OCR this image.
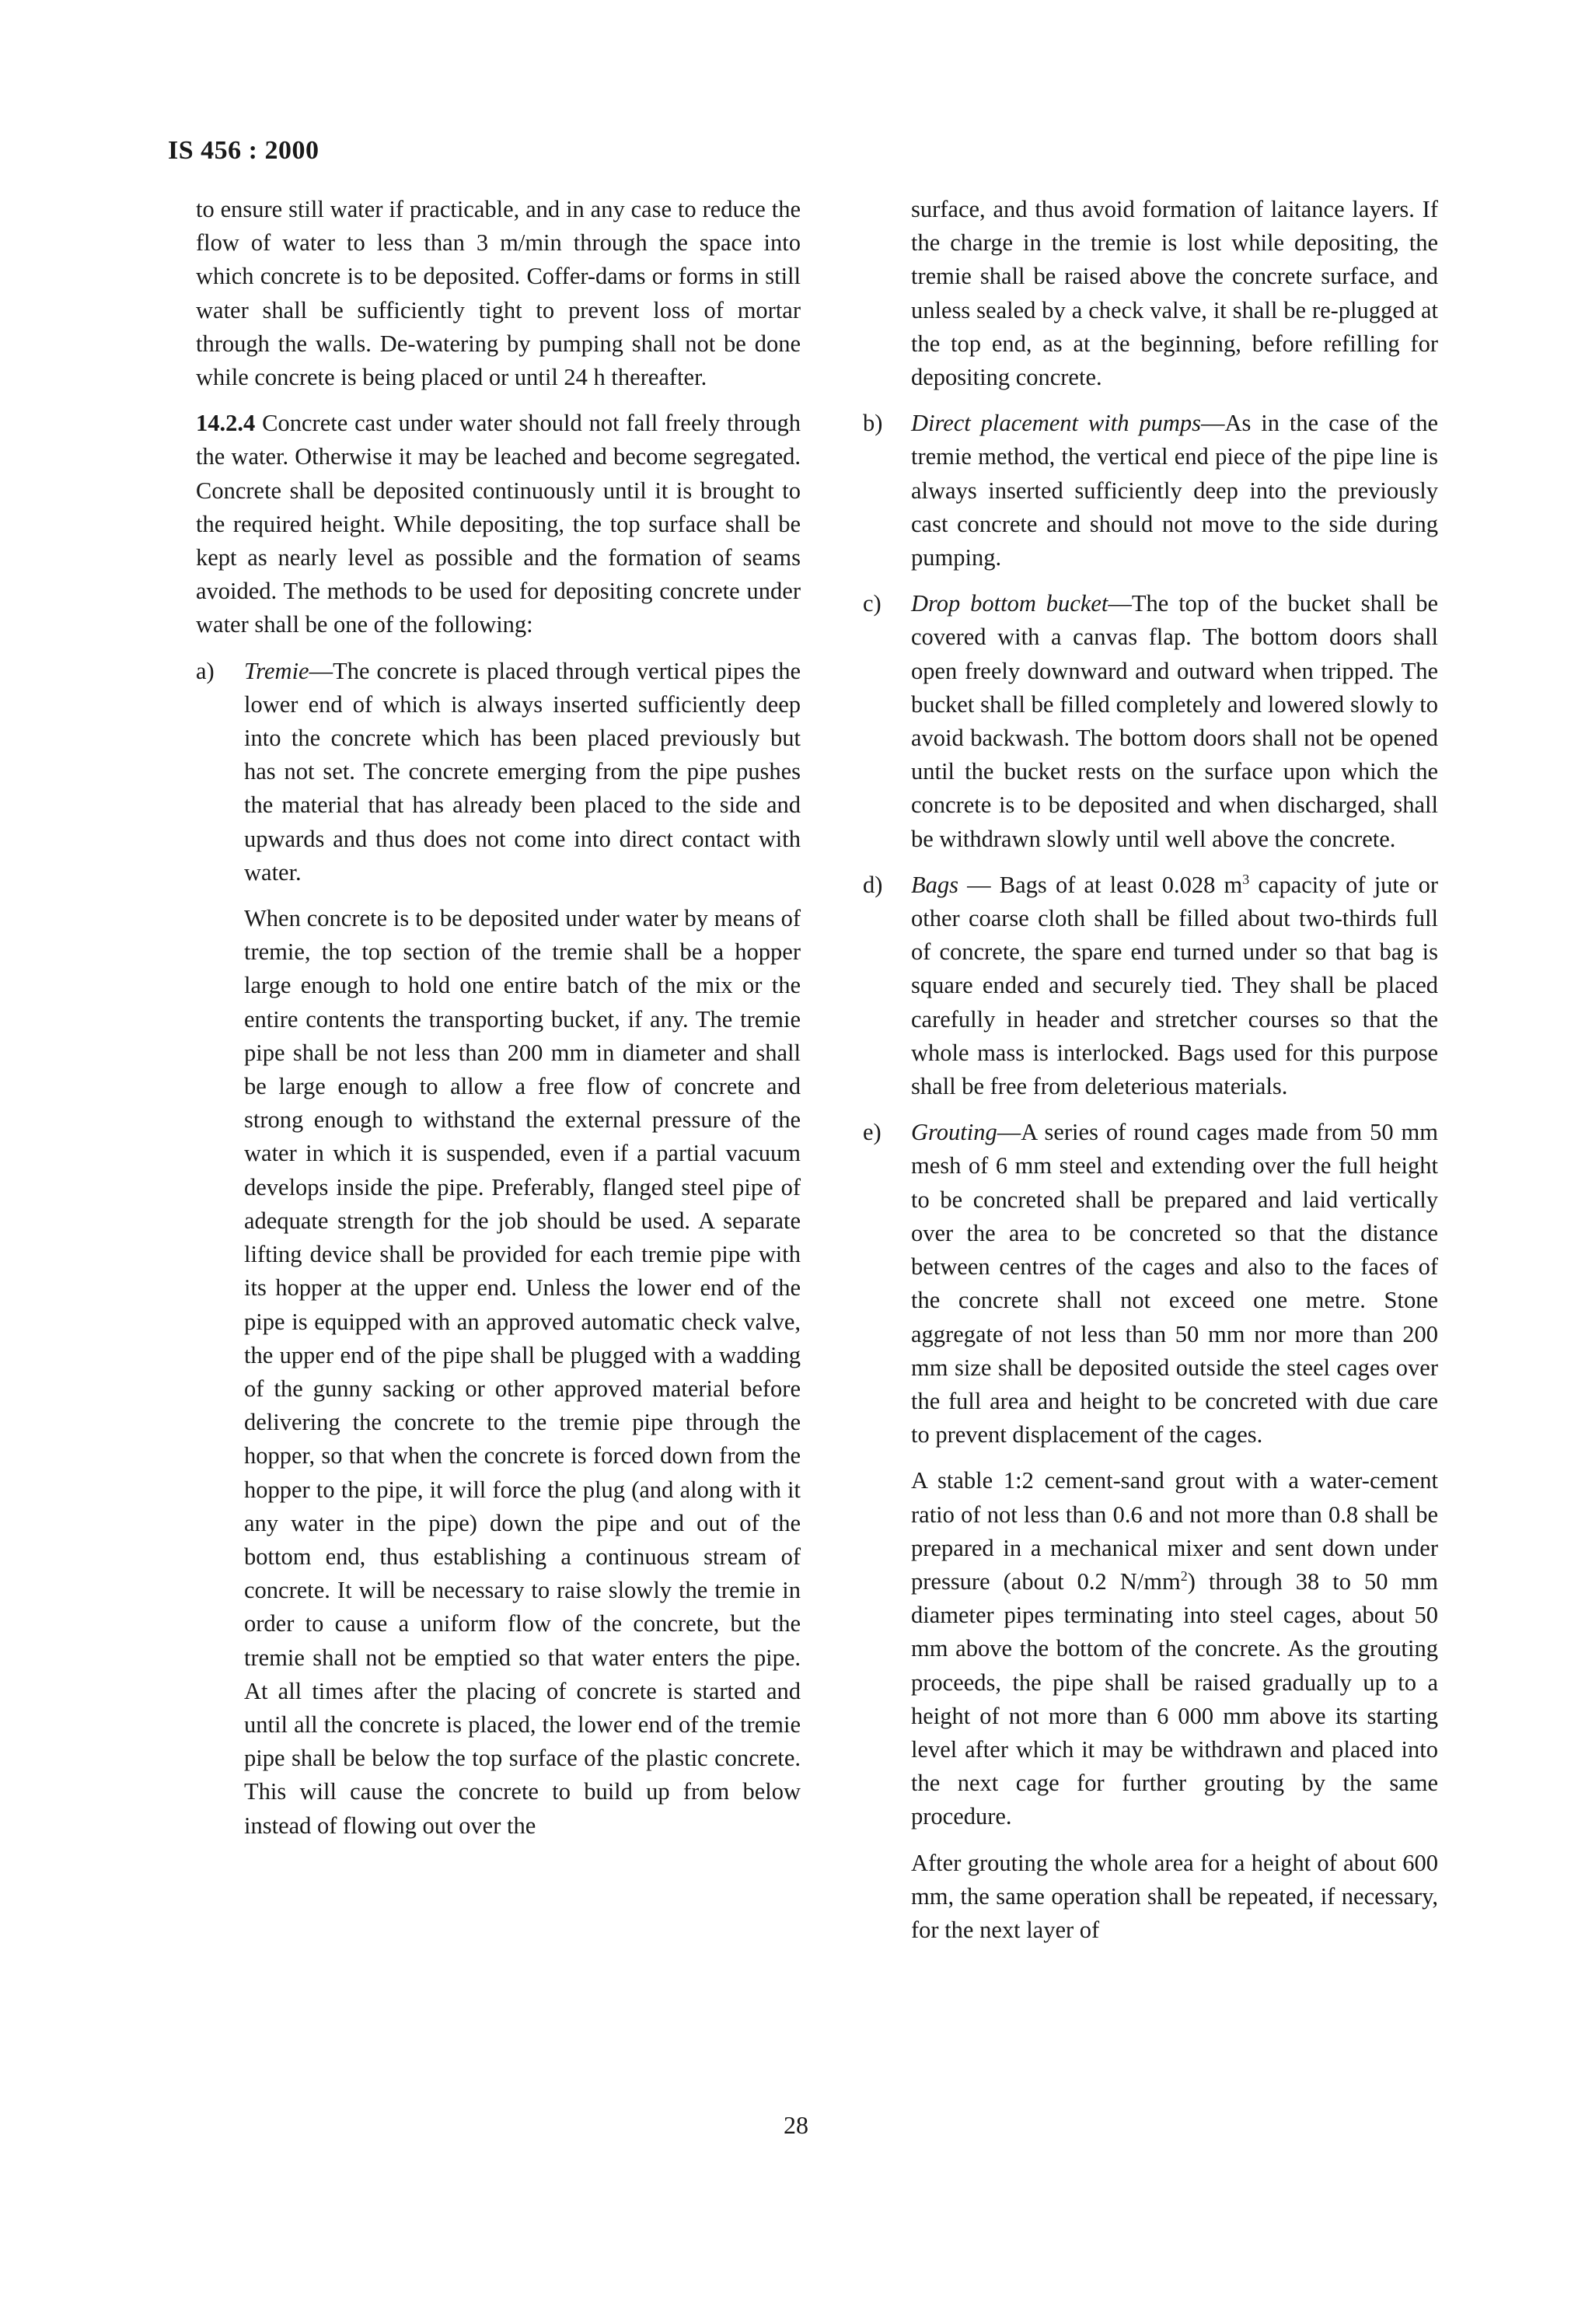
IS 456 : 2000

to ensure still water if practicable, and in any case to reduce the flow of water to less than 3 m/min through the space into which concrete is to be deposited. Coffer-dams or forms in still water shall be sufficiently tight to prevent loss of mortar through the walls. De-watering by pumping shall not be done while concrete is being placed or until 24 h thereafter.

14.2.4 Concrete cast under water should not fall freely through the water. Otherwise it may be leached and become segregated. Concrete shall be deposited continuously until it is brought to the required height. While depositing, the top surface shall be kept as nearly level as possible and the formation of seams avoided. The methods to be used for depositing concrete under water shall be one of the following:

a) Tremie—The concrete is placed through vertical pipes the lower end of which is always inserted sufficiently deep into the concrete which has been placed previously but has not set. The concrete emerging from the pipe pushes the material that has already been placed to the side and upwards and thus does not come into direct contact with water.

When concrete is to be deposited under water by means of tremie, the top section of the tremie shall be a hopper large enough to hold one entire batch of the mix or the entire contents the transporting bucket, if any. The tremie pipe shall be not less than 200 mm in diameter and shall be large enough to allow a free flow of concrete and strong enough to withstand the external pressure of the water in which it is suspended, even if a partial vacuum develops inside the pipe. Preferably, flanged steel pipe of adequate strength for the job should be used. A separate lifting device shall be provided for each tremie pipe with its hopper at the upper end. Unless the lower end of the pipe is equipped with an approved automatic check valve, the upper end of the pipe shall be plugged with a wadding of the gunny sacking or other approved material before delivering the concrete to the tremie pipe through the hopper, so that when the concrete is forced down from the hopper to the pipe, it will force the plug (and along with it any water in the pipe) down the pipe and out of the bottom end, thus establishing a continuous stream of concrete. It will be necessary to raise slowly the tremie in order to cause a uniform flow of the concrete, but the tremie shall not be emptied so that water enters the pipe. At all times after the placing of concrete is started and until all the concrete is placed, the lower end of the tremie pipe shall be below the top surface of the plastic concrete. This will cause the concrete to build up from below instead of flowing out over the

surface, and thus avoid formation of laitance layers. If the charge in the tremie is lost while depositing, the tremie shall be raised above the concrete surface, and unless sealed by a check valve, it shall be re-plugged at the top end, as at the beginning, before refilling for depositing concrete.

b) Direct placement with pumps—As in the case of the tremie method, the vertical end piece of the pipe line is always inserted sufficiently deep into the previously cast concrete and should not move to the side during pumping.

c) Drop bottom bucket—The top of the bucket shall be covered with a canvas flap. The bottom doors shall open freely downward and outward when tripped. The bucket shall be filled completely and lowered slowly to avoid backwash. The bottom doors shall not be opened until the bucket rests on the surface upon which the concrete is to be deposited and when discharged, shall be withdrawn slowly until well above the concrete.

d) Bags — Bags of at least 0.028 $m^3$ capacity of jute or other coarse cloth shall be filled about two-thirds full of concrete, the spare end turned under so that bag is square ended and securely tied. They shall be placed carefully in header and stretcher courses so that the whole mass is interlocked. Bags used for this purpose shall be free from deleterious materials.

e) Grouting—A series of round cages made from 50 mm mesh of 6 mm steel and extending over the full height to be concreted shall be prepared and laid vertically over the area to be concreted so that the distance between centres of the cages and also to the faces of the concrete shall not exceed one metre. Stone aggregate of not less than 50 mm nor more than 200 mm size shall be deposited outside the steel cages over the full area and height to be concreted with due care to prevent displacement of the cages.

A stable 1:2 cement-sand grout with a water-cement ratio of not less than 0.6 and not more than 0.8 shall be prepared in a mechanical mixer and sent down under pressure (about 0.2 $N/mm^2$) through 38 to 50 mm diameter pipes terminating into steel cages, about 50 mm above the bottom of the concrete. As the grouting proceeds, the pipe shall be raised gradually up to a height of not more than 6 000 mm above its starting level after which it may be withdrawn and placed into the next cage for further grouting by the same procedure.

After grouting the whole area for a height of about 600 mm, the same operation shall be repeated, if necessary, for the next layer of

28
